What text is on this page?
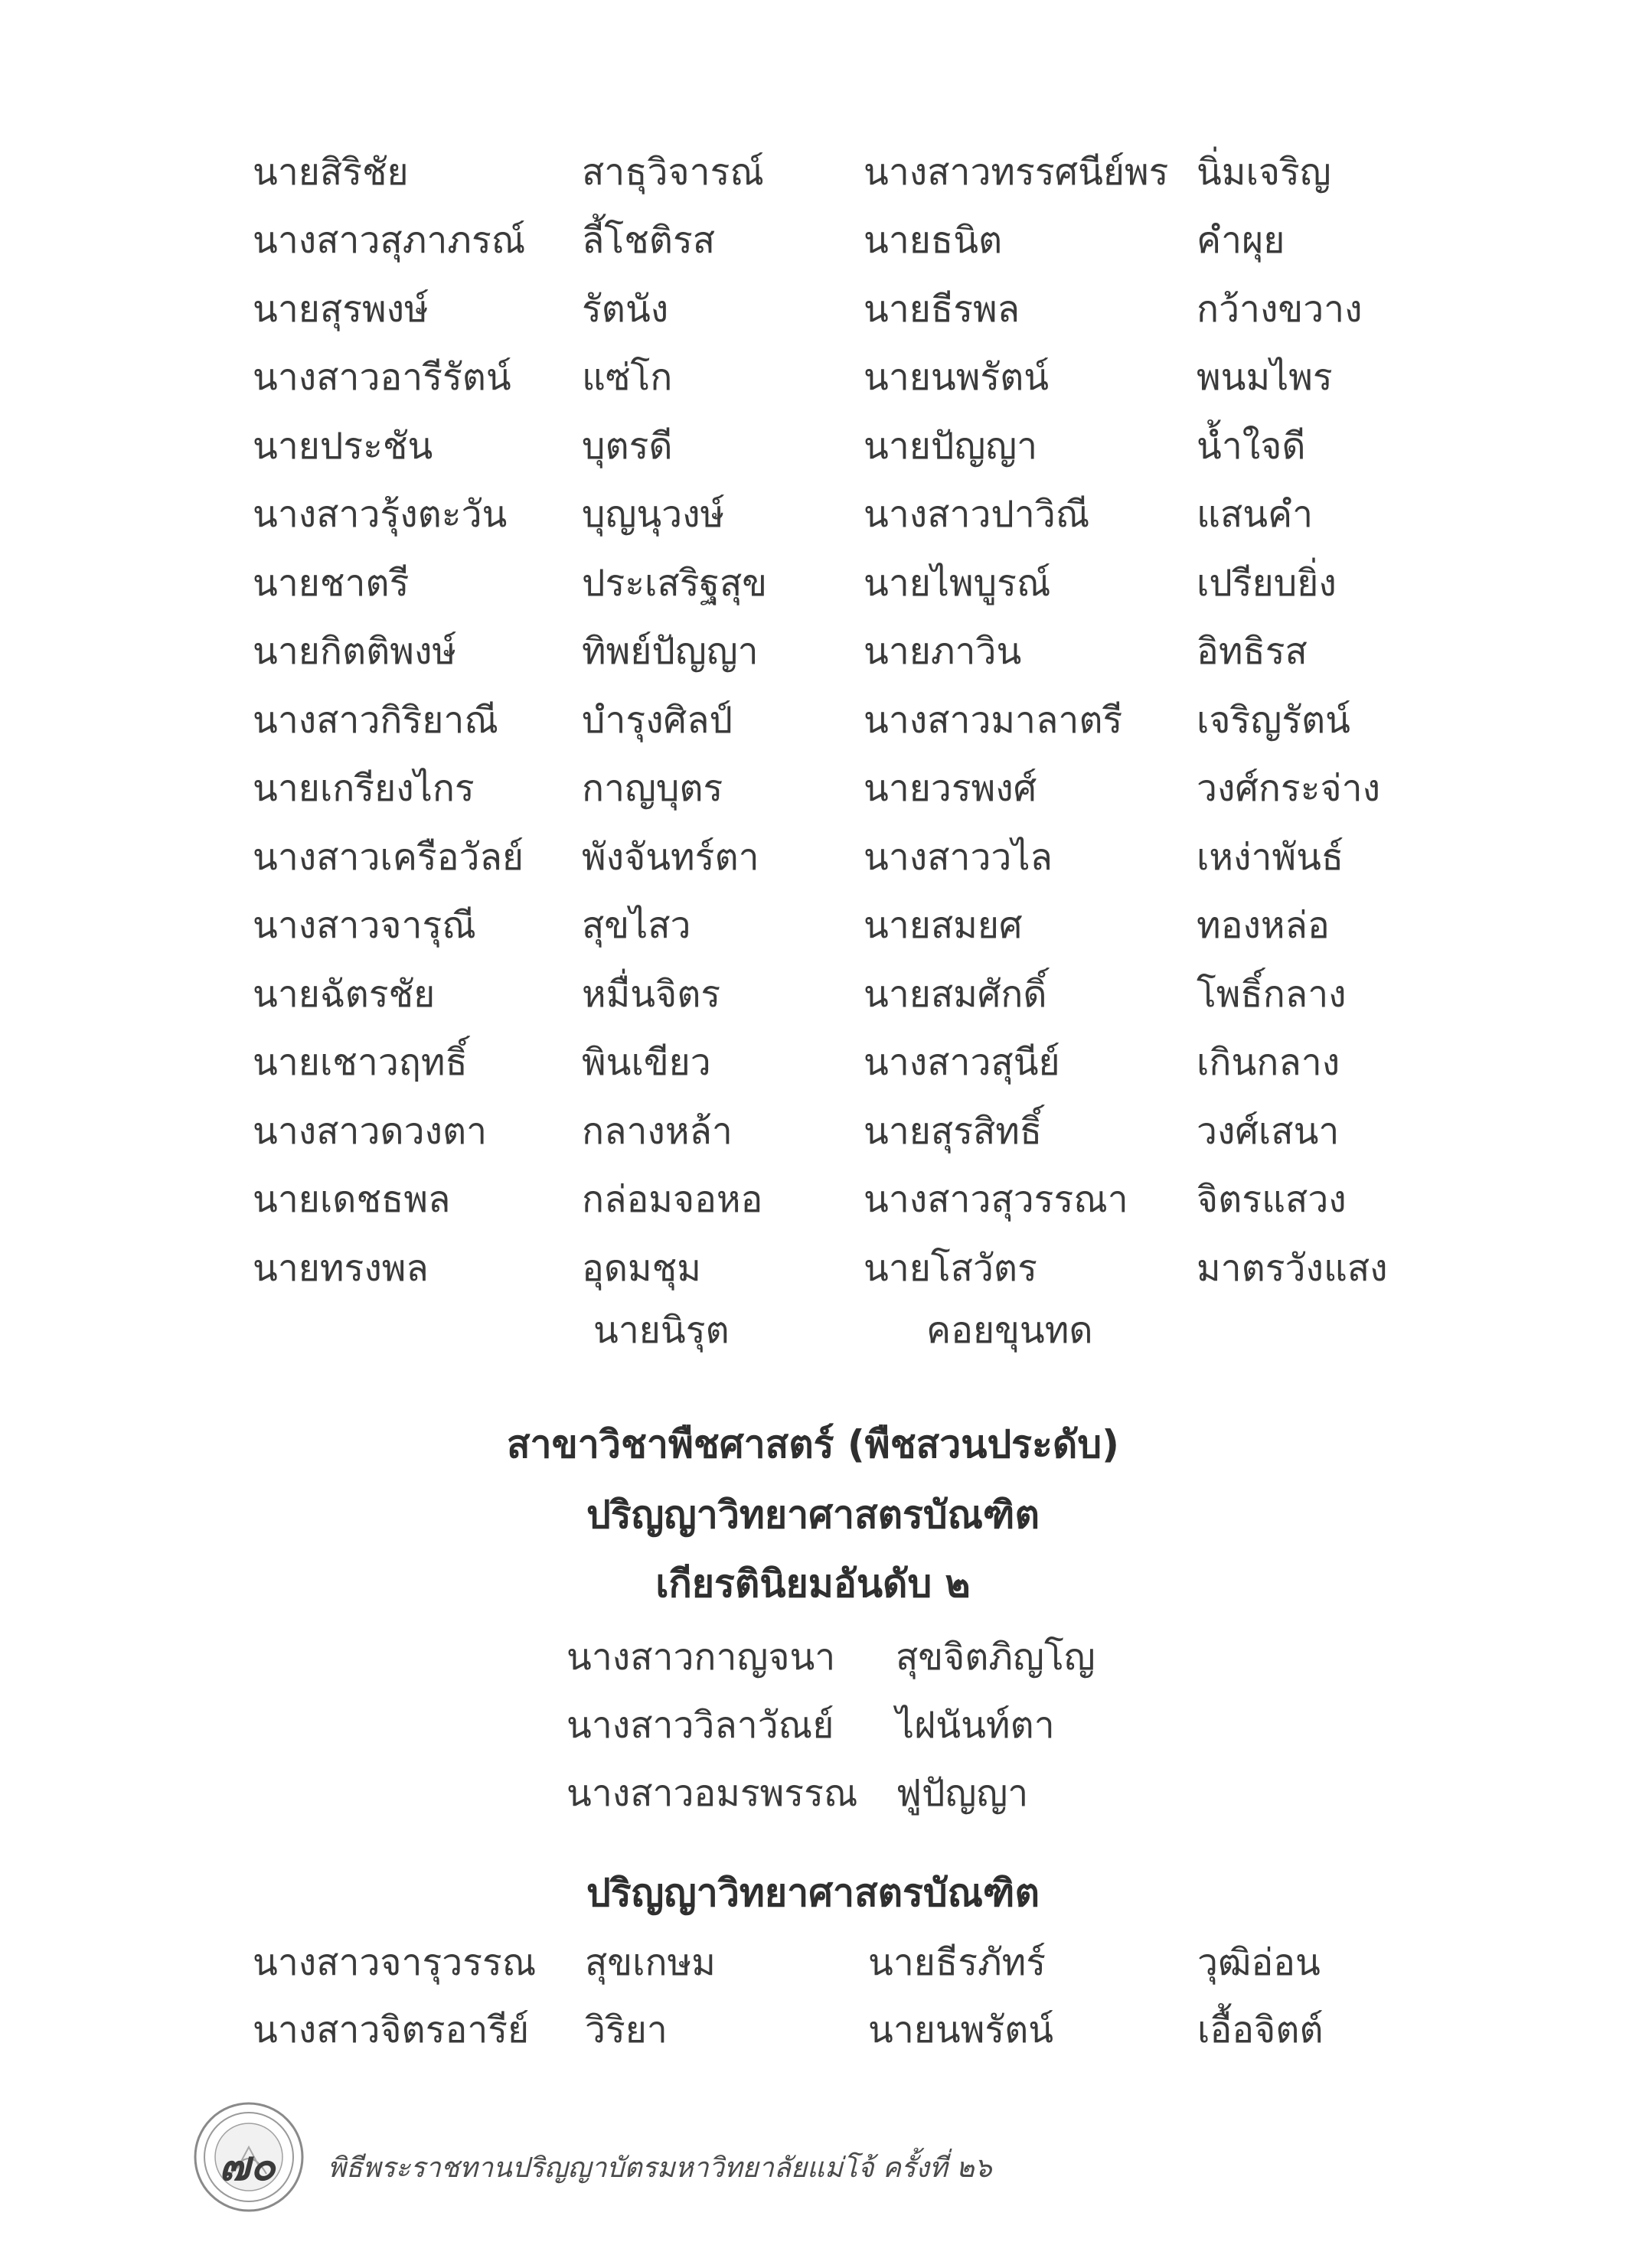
นายสิริชัย	สาธุวิจารณ์	นางสาวทรรศนีย์พร	นิ่มเจริญ
นางสาวสุภาภรณ์	ลี้โชติรส	นายธนิต	คำผุย
นายสุรพงษ์	รัตนัง	นายธีรพล	กว้างขวาง
นางสาวอารีรัตน์	แซ่โก	นายนพรัตน์	พนมไพร
นายประชัน	บุตรดี	นายปัญญา	น้ำใจดี
นางสาวรุ้งตะวัน	บุญนุวงษ์	นางสาวปาวิณี	แสนคำ
นายชาตรี	ประเสริฐสุข	นายไพบูรณ์	เปรียบยิ่ง
นายกิตติพงษ์	ทิพย์ปัญญา	นายภาวิน	อิทธิรส
นางสาวกิริยาณี	บำรุงศิลป์	นางสาวมาลาตรี	เจริญรัตน์
นายเกรียงไกร	กาญบุตร	นายวรพงศ์	วงศ์กระจ่าง
นางสาวเครือวัลย์	พังจันทร์ตา	นางสาววไล	เหง่าพันธ์
นางสาวจารุณี	สุขไสว	นายสมยศ	ทองหล่อ
นายฉัตรชัย	หมื่นจิตร	นายสมศักดิ์	โพธิ์กลาง
นายเชาวฤทธิ์	พินเขียว	นางสาวสุนีย์	เกินกลาง
นางสาวดวงตา	กลางหล้า	นายสุรสิทธิ์	วงศ์เสนา
นายเดชธพล	กล่อมจอหอ	นางสาวสุวรรณา	จิตรแสวง
นายทรงพล	อุดมชุม	นายโสวัตร	มาตรวังแสง
นายนิรุต	คอยขุนทด
สาขาวิชาพืชศาสตร์ (พืชสวนประดับ)
ปริญญาวิทยาศาสตรบัณฑิต
เกียรตินิยมอันดับ ๒
นางสาวกาญจนา	สุขจิตภิญโญ
นางสาววิลาวัณย์	ไฝนันท์ตา
นางสาวอมรพรรณ	ฟูปัญญา
ปริญญาวิทยาศาสตรบัณฑิต
นางสาวจารุวรรณ	สุขเกษม	นายธีรภัทร์	วุฒิอ่อน
นางสาวจิตรอารีย์	วิริยา	นายนพรัตน์	เอื้อจิตต์
๗๐ พิธีพระราชทานปริญญาบัตรมหาวิทยาลัยแม่โจ้ ครั้งที่ ๒๖
